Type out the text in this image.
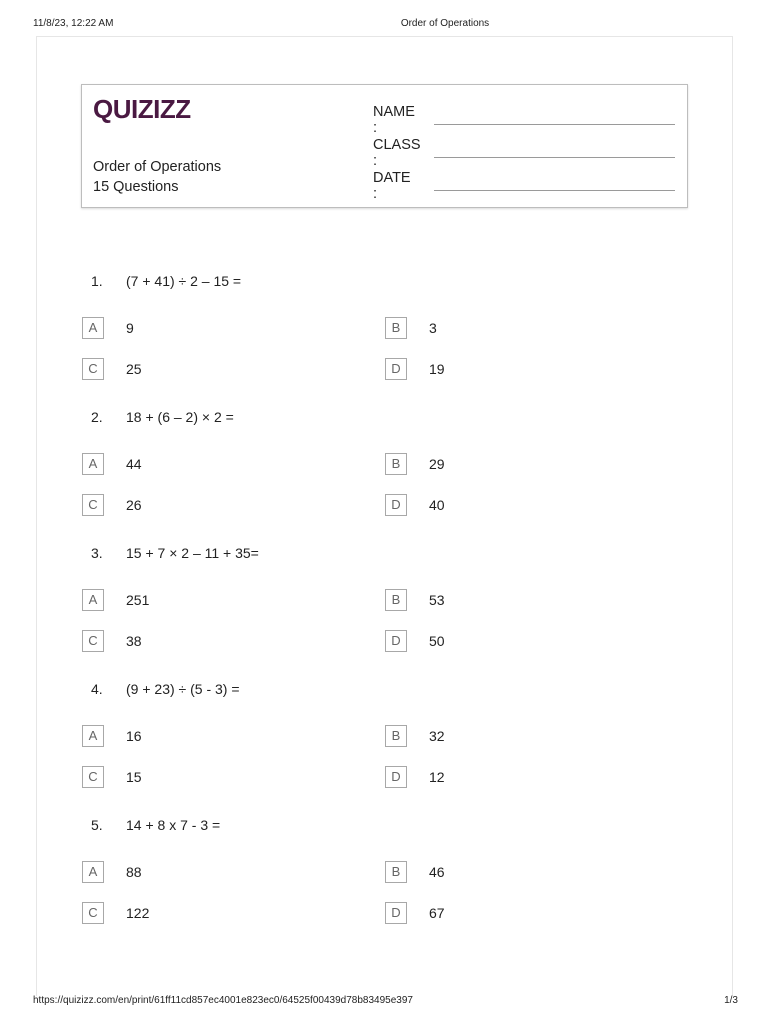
11/8/23, 12:22 AM	Order of Operations
QUIZIZZ
Order of Operations
15 Questions
NAME :
CLASS :
DATE :
1. (7 + 41) ÷ 2 – 15 =
A	9	B	3
C	25	D	19
2. 18 + (6 – 2) × 2 =
A	44	B	29
C	26	D	40
3. 15 + 7 × 2 – 11 + 35=
A	251	B	53
C	38	D	50
4. (9 + 23) ÷ (5 - 3) =
A	16	B	32
C	15	D	12
5. 14 + 8 x 7 - 3 =
A	88	B	46
C	122	D	67
https://quizizz.com/en/print/61ff11cd857ec4001e823ec0/64525f00439d78b83495e397	1/3
